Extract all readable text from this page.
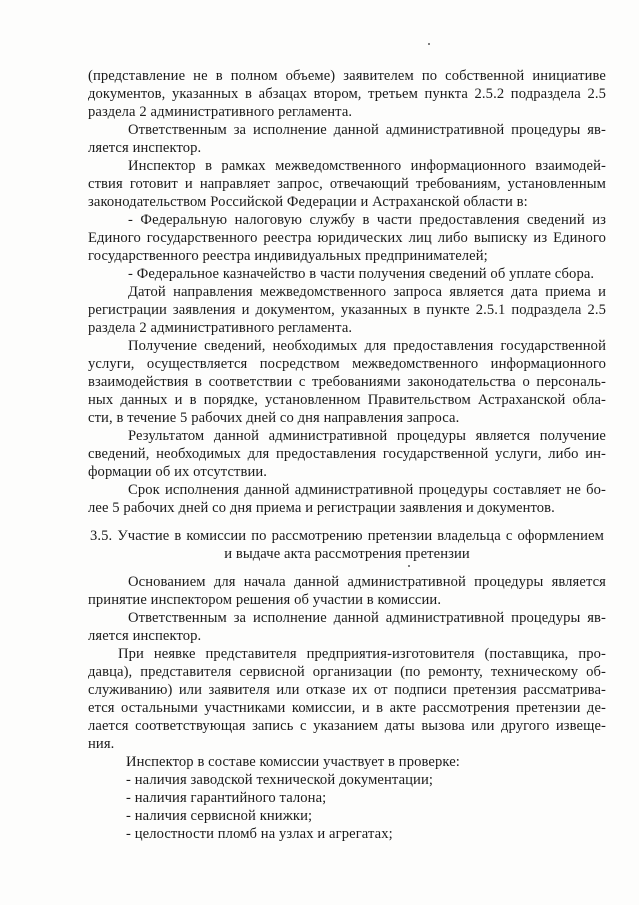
(представление не в полном объеме) заявителем по собственной инициативе
документов, указанных в абзацах втором, третьем пункта 2.5.2 подраздела 2.5
раздела 2 административного регламента.
Ответственным за исполнение данной административной процедуры яв-
ляется инспектор.
Инспектор в рамках межведомственного информационного взаимодей-
ствия готовит и направляет запрос, отвечающий требованиям, установленным
законодательством Российской Федерации и Астраханской области в:
- Федеральную налоговую службу в части предоставления сведений из
Единого государственного реестра юридических лиц либо выписку из Единого
государственного реестра индивидуальных предпринимателей;
- Федеральное казначейство в части получения сведений об уплате сбора.
Датой направления межведомственного запроса является дата приема и
регистрации заявления и документом, указанных в пункте 2.5.1 подраздела 2.5
раздела 2 административного регламента.
Получение сведений, необходимых для предоставления государственной
услуги, осуществляется посредством межведомственного информационного
взаимодействия в соответствии с требованиями законодательства о персональ-
ных данных и в порядке, установленном Правительством Астраханской обла-
сти, в течение 5 рабочих дней со дня направления запроса.
Результатом данной административной процедуры является получение
сведений, необходимых для предоставления государственной услуги, либо ин-
формации об их отсутствии.
Срок исполнения данной административной процедуры составляет не бо-
лее 5 рабочих дней со дня приема и регистрации заявления и документов.
3.5. Участие в комиссии по рассмотрению претензии владельца с оформлением
и выдаче акта рассмотрения претензии
Основанием для начала данной административной процедуры является
принятие инспектором решения об участии в комиссии.
Ответственным за исполнение данной административной процедуры яв-
ляется инспектор.
При неявке представителя предприятия-изготовителя (поставщика, про-
давца), представителя сервисной организации (по ремонту, техническому об-
служиванию) или заявителя или отказе их от подписи претензия рассматрива-
ется остальными участниками комиссии, и в акте рассмотрения претензии де-
лается соответствующая запись с указанием даты вызова или другого извеще-
ния.
Инспектор в составе комиссии участвует в проверке:
- наличия заводской технической документации;
- наличия гарантийного талона;
- наличия сервисной книжки;
- целостности пломб на узлах и агрегатах;
